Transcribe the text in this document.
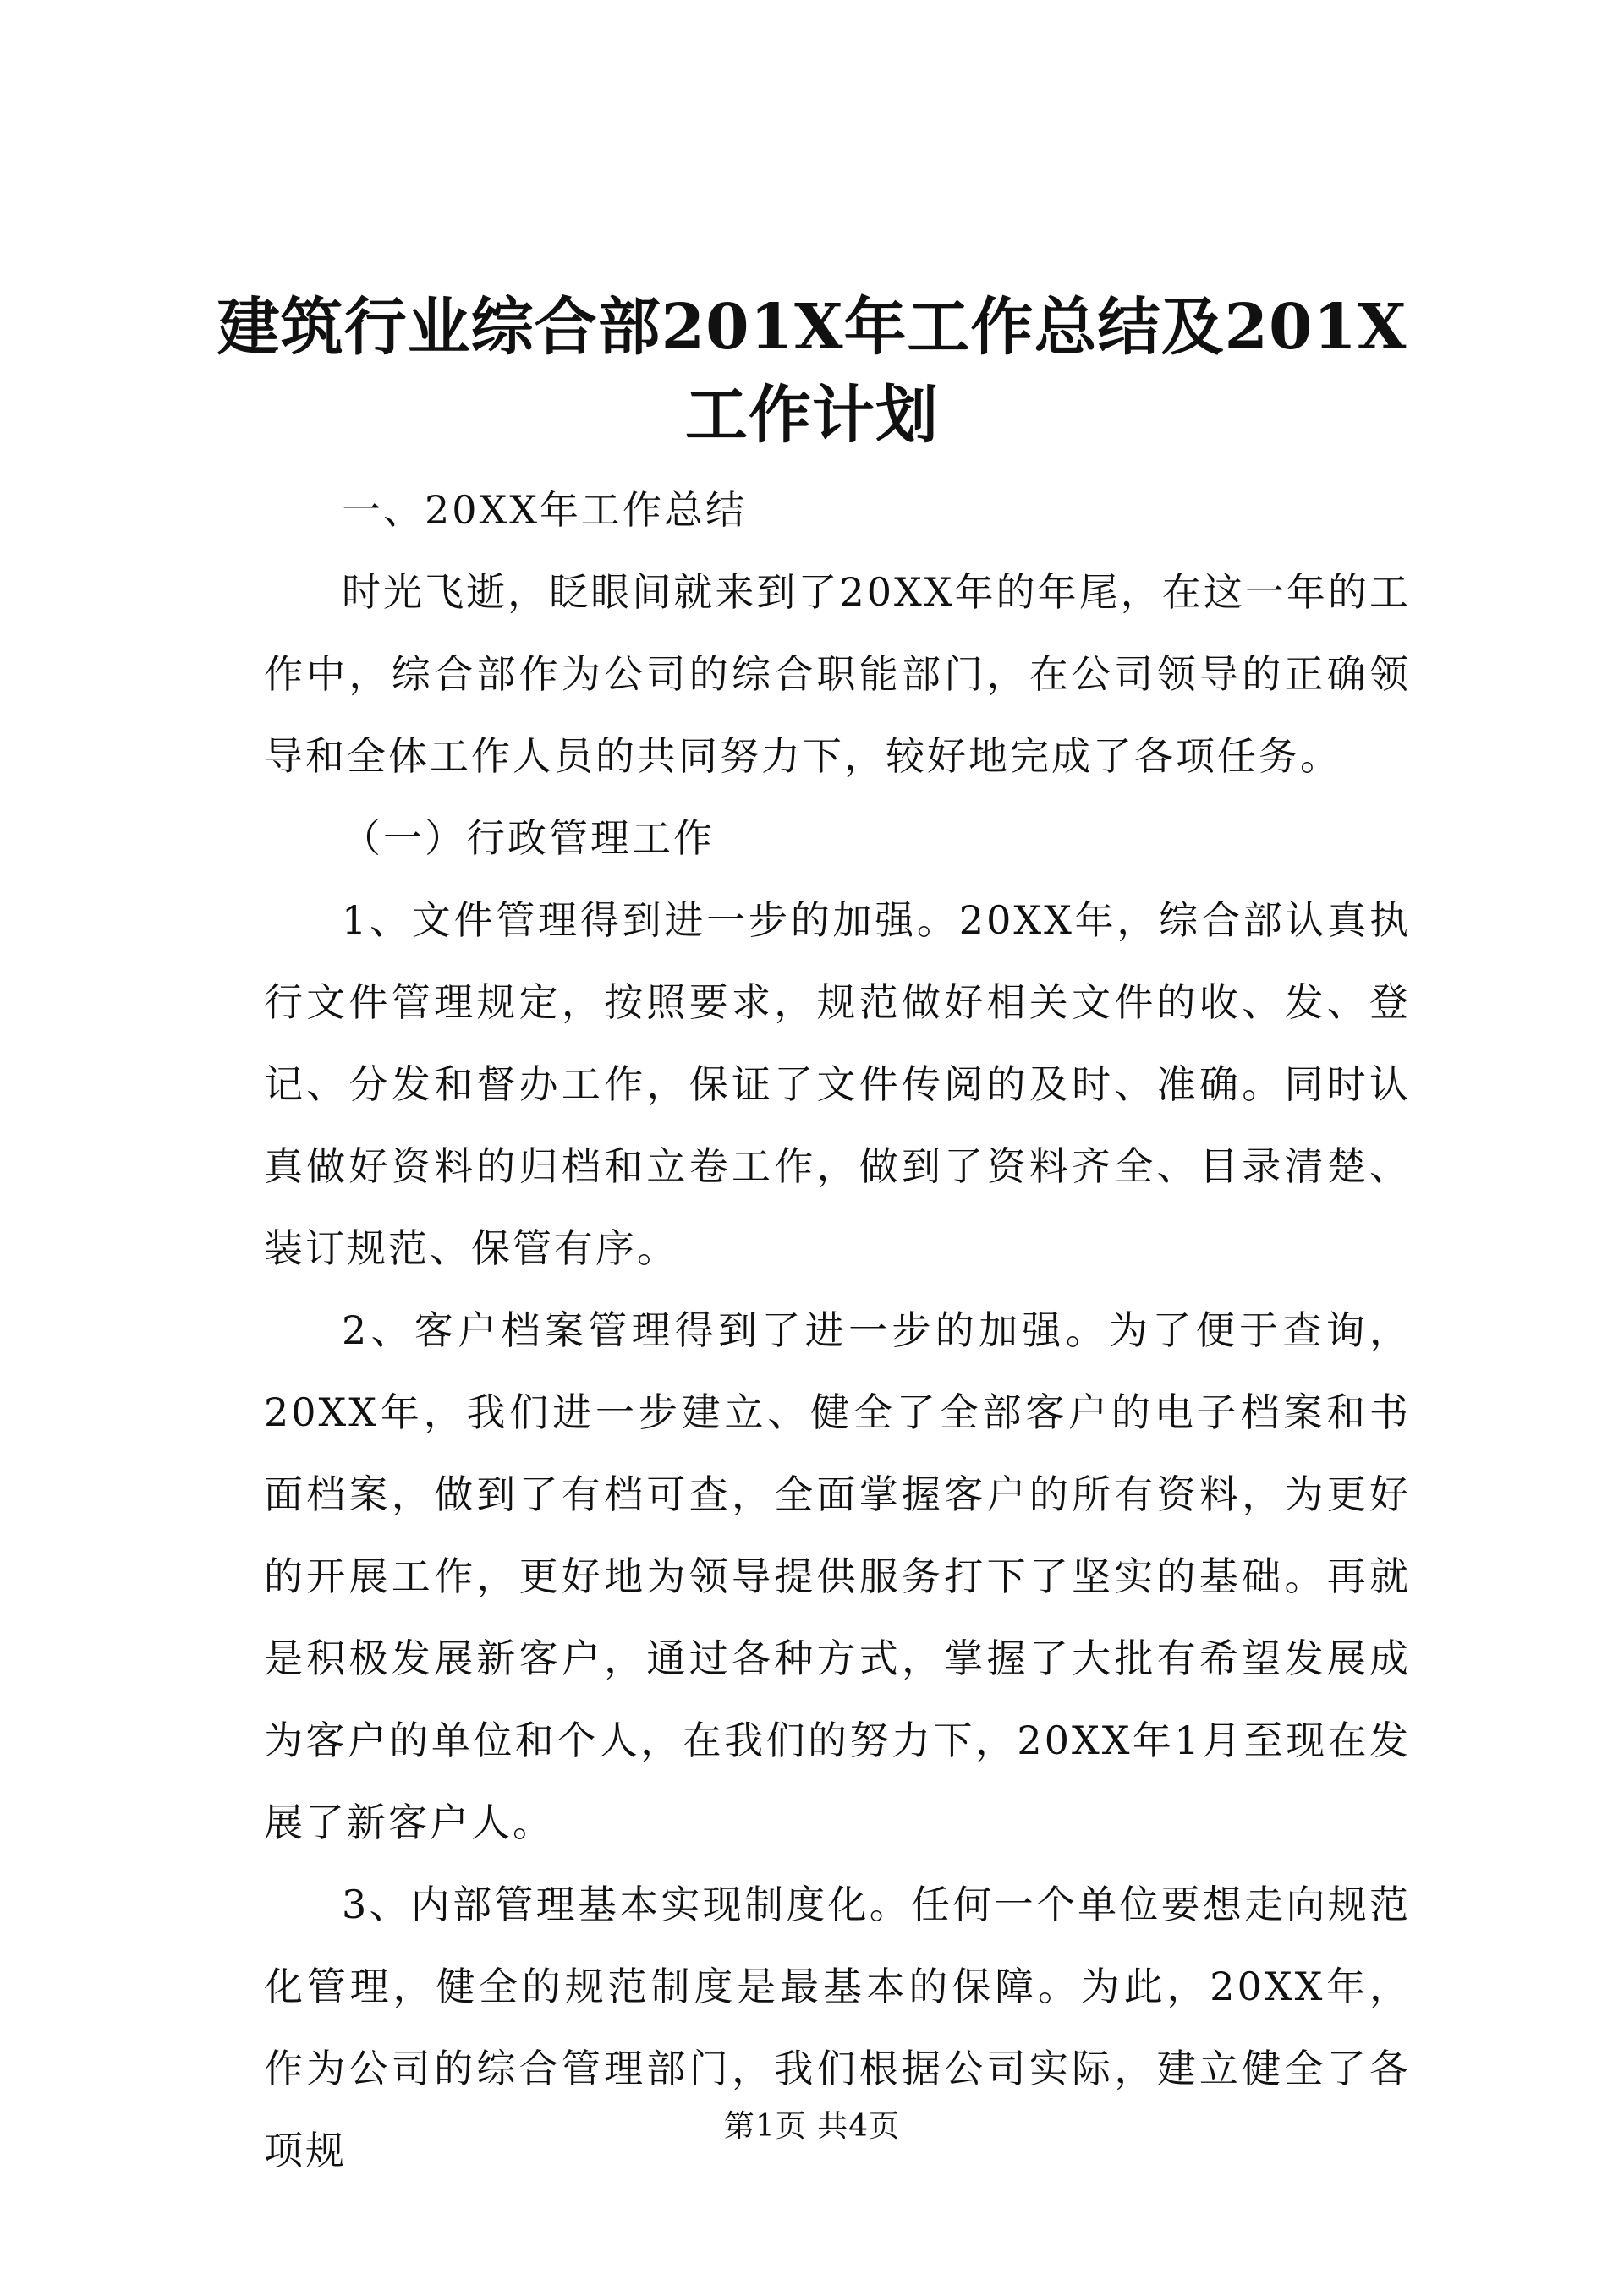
建筑行业综合部201X年工作总结及201X工作计划

一、20XX年工作总结

时光飞逝，眨眼间就来到了20XX年的年尾，在这一年的工作中，综合部作为公司的综合职能部门，在公司领导的正确领导和全体工作人员的共同努力下，较好地完成了各项任务。

（一）行政管理工作

1、文件管理得到进一步的加强。20XX年，综合部认真执行文件管理规定，按照要求，规范做好相关文件的收、发、登记、分发和督办工作，保证了文件传阅的及时、准确。同时认真做好资料的归档和立卷工作，做到了资料齐全、目录清楚、装订规范、保管有序。

2、客户档案管理得到了进一步的加强。为了便于查询，20XX年，我们进一步建立、健全了全部客户的电子档案和书面档案，做到了有档可查，全面掌握客户的所有资料，为更好的开展工作，更好地为领导提供服务打下了坚实的基础。再就是积极发展新客户，通过各种方式，掌握了大批有希望发展成为客户的单位和个人，在我们的努力下，20XX年1月至现在发展了新客户人。

3、内部管理基本实现制度化。任何一个单位要想走向规范化管理，健全的规范制度是最基本的保障。为此，20XX年，作为公司的综合管理部门，我们根据公司实际，建立健全了各项规

第1页 共4页
